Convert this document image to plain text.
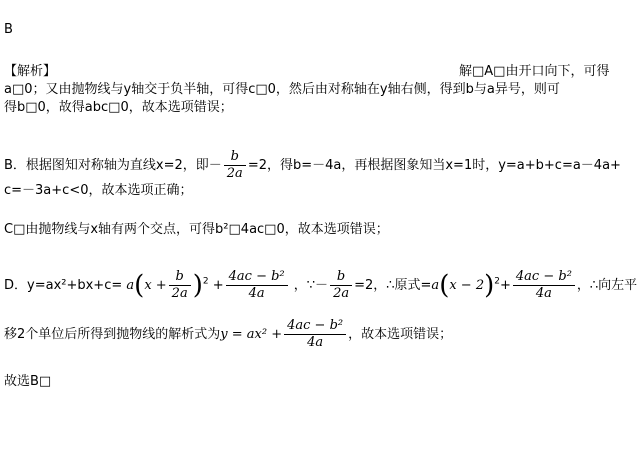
B
【解析】	解□A□由开口向下，可得
a□0；又由抛物线与y轴交于负半轴，可得c□0，然后由对称轴在y轴右侧，得到b与a异号，则可
得b□0，故得abc□0，故本选项错误；
B．根据图知对称轴为直线x=2，即－ $\frac{b}{2a} =2$，得b=－4a，再根据图象知当x=1时，y=a+b+c=a－4a+
c=－3a+c<0，故本选项正确；
C□由抛物线与x轴有两个交点，可得b²□4ac□0，故本选项错误；
D．$y=ax^2+bx+c= a(x + \frac{b}{2a} )^2 + \frac{\text{4ac − b²}}{4a}$ ，∵－ $\frac{b}{2a} =2$，∴原式$=a(x - 2)^2+ \frac{\text{4ac − b²}}{4a}$ ，∴向左平
移2个单位后所得到抛物线的解析式为$y = ax^2 + \frac{\text{4ac − b²}}{4a}$ ，故本选项错误；
故选B□
